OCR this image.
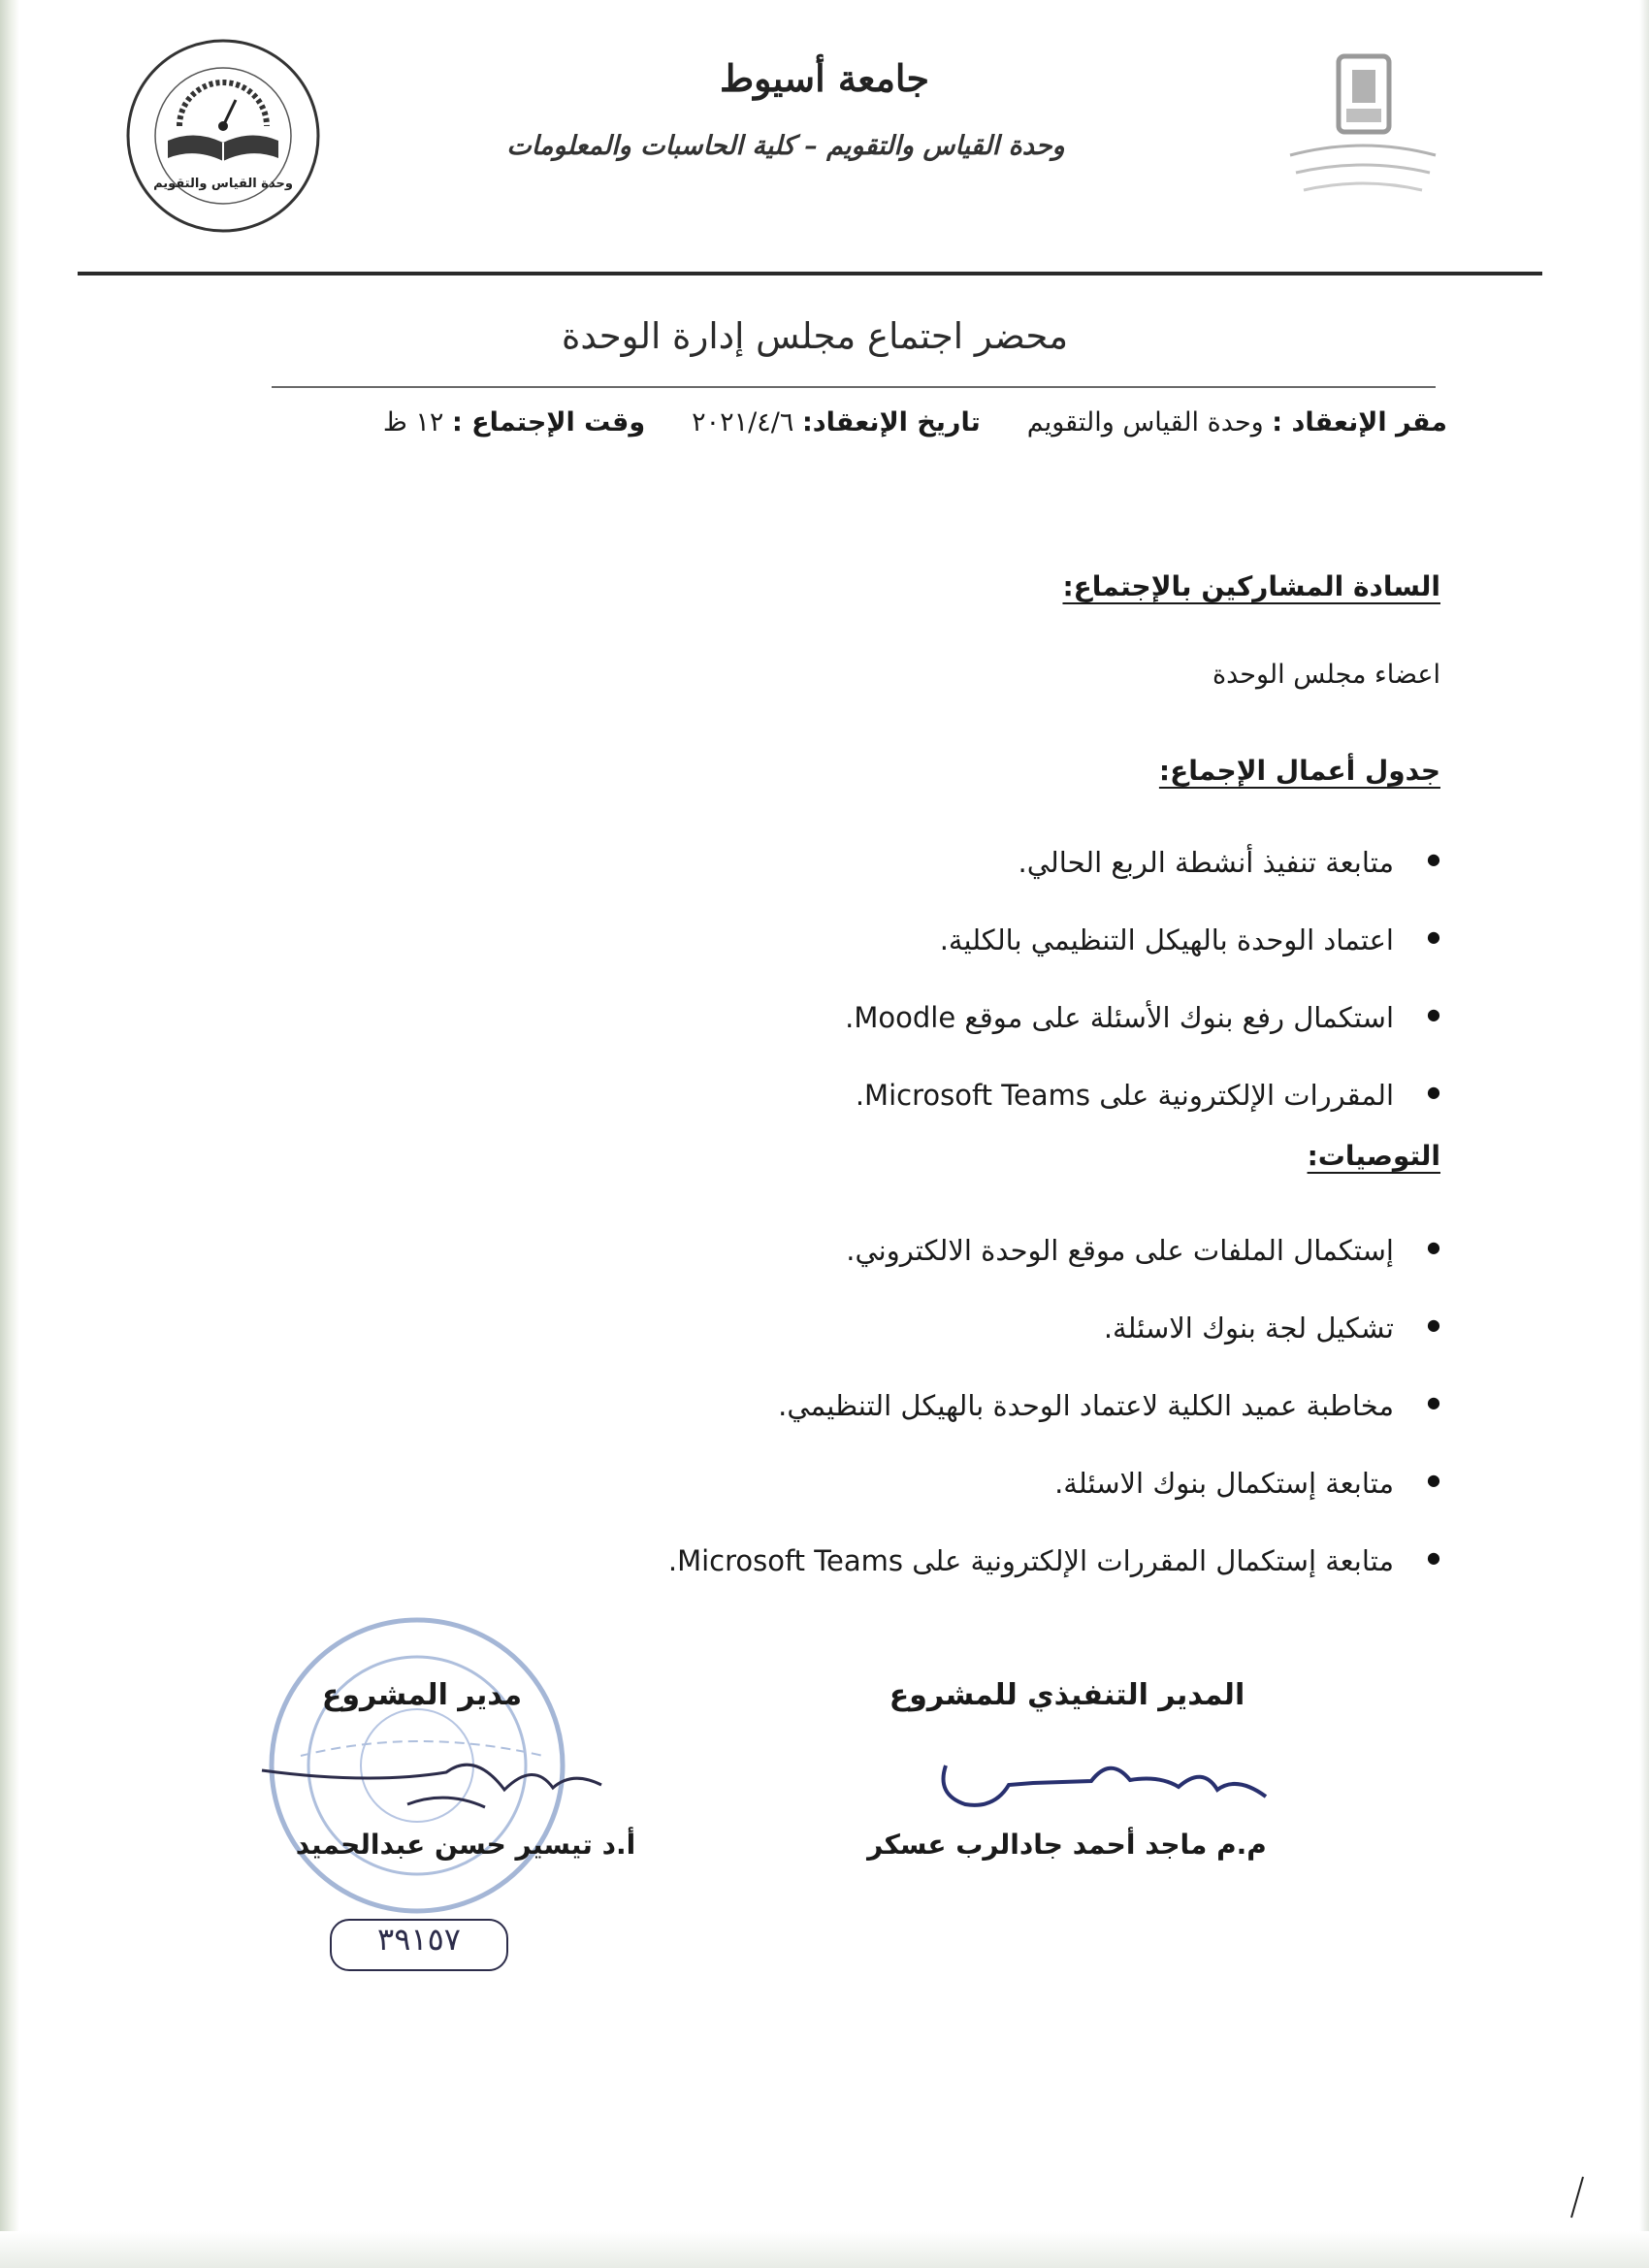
وحدة القياس والتقويم
جامعة أسيوط
وحدة القياس والتقويم – كلية الحاسبات والمعلومات
محضر اجتماع مجلس إدارة الوحدة
مقر الإنعقاد : وحدة القياس والتقويم
تاريخ الإنعقاد: ٢٠٢١/٤/٦
وقت الإجتماع : ١٢ ظ
السادة المشاركين بالإجتماع:
اعضاء مجلس الوحدة
جدول أعمال الإجماع:
● متابعة تنفيذ أنشطة الربع الحالي.
● اعتماد الوحدة بالهيكل التنظيمي بالكلية.
● استكمال رفع بنوك الأسئلة على موقع Moodle.
● المقررات الإلكترونية على Microsoft Teams.
التوصيات:
● إستكمال الملفات على موقع الوحدة الالكتروني.
● تشكيل لجة بنوك الاسئلة.
● مخاطبة عميد الكلية لاعتماد الوحدة بالهيكل التنظيمي.
● متابعة إستكمال بنوك الاسئلة.
● متابعة إستكمال المقررات الإلكترونية على Microsoft Teams.
المدير التنفيذي للمشروع
م.م ماجد أحمد جادالرب عسكر
مدير المشروع
أ.د تيسير حسن عبدالحميد
٣٩١٥٧
